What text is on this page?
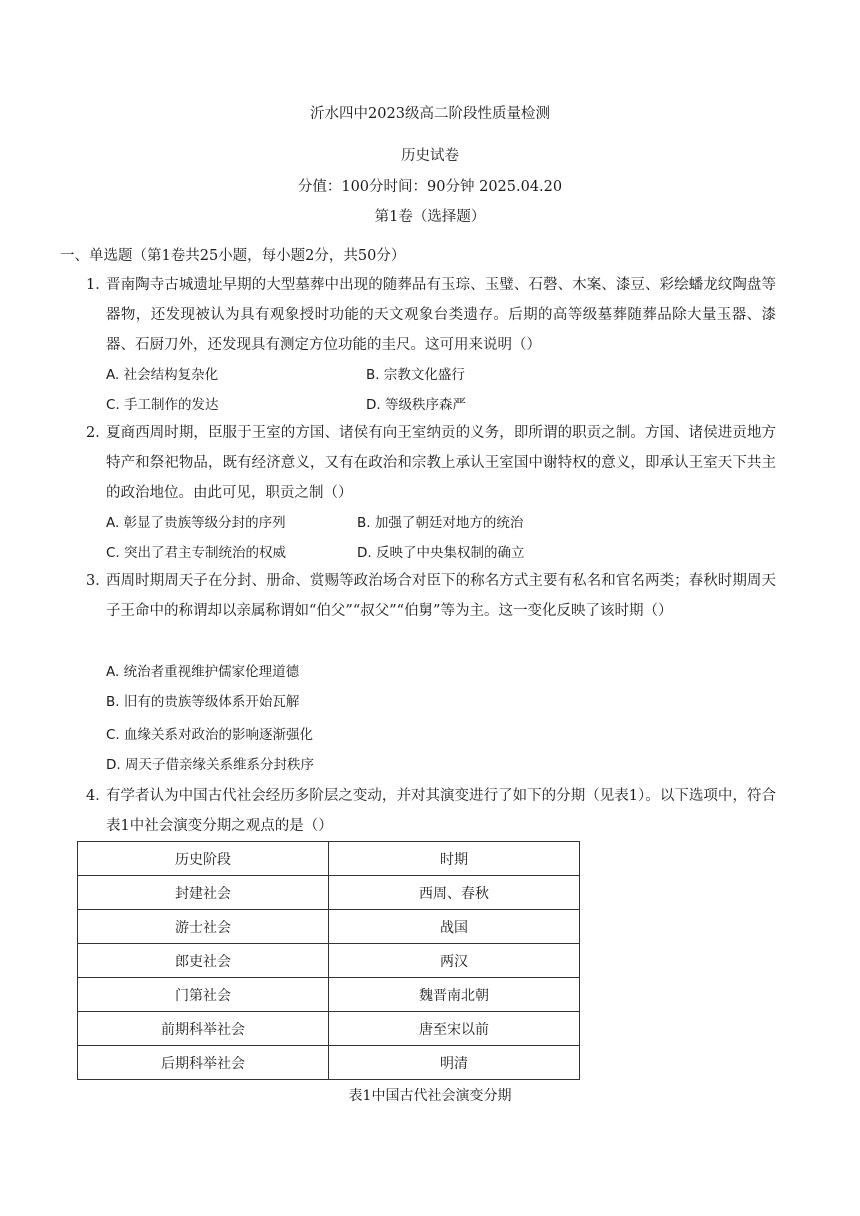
沂水四中2023级高二阶段性质量检测
历史试卷
分值：100分时间：90分钟 2025.04.20
第1卷（选择题）
一、单选题（第1卷共25小题，每小题2分，共50分）
1．
晋南陶寺古城遗址早期的大型墓葬中出现的随葬品有玉琮、玉璧、石磬、木案、漆豆、彩绘蟠龙纹陶盘等器物，还发现被认为具有观象授时功能的天文观象台类遗存。后期的高等级墓葬随葬品除大量玉器、漆器、石厨刀外，还发现具有测定方位功能的圭尺。这可用来说明（）
A. 社会结构复杂化	B. 宗教文化盛行
C. 手工制作的发达	D. 等级秩序森严
2．
夏商西周时期，臣服于王室的方国、诸侯有向王室纳贡的义务，即所谓的职贡之制。方国、诸侯进贡地方特产和祭祀物品，既有经济意义，又有在政治和宗教上承认王室国中谢特权的意义，即承认王室天下共主的政治地位。由此可见，职贡之制（）
A. 彰显了贵族等级分封的序列	B. 加强了朝廷对地方的统治
C. 突出了君主专制统治的权威	D. 反映了中央集权制的确立
3．
西周时期周天子在分封、册命、赏赐等政治场合对臣下的称名方式主要有私名和官名两类；春秋时期周天子王命中的称谓却以亲属称谓如“伯父”“叔父”“伯舅”等为主。这一变化反映了该时期（）
A. 统治者重视维护儒家伦理道德
B. 旧有的贵族等级体系开始瓦解
C. 血缘关系对政治的影响逐渐强化
D. 周天子借亲缘关系维系分封秩序
4．
有学者认为中国古代社会经历多阶层之变动，并对其演变进行了如下的分期（见表1）。以下选项中，符合表1中社会演变分期之观点的是（）
历史阶段	时期
封建社会	西周、春秋
游士社会	战国
郎吏社会	两汉
门第社会	魏晋南北朝
前期科举社会	唐至宋以前
后期科举社会	明清
表1中国古代社会演变分期
